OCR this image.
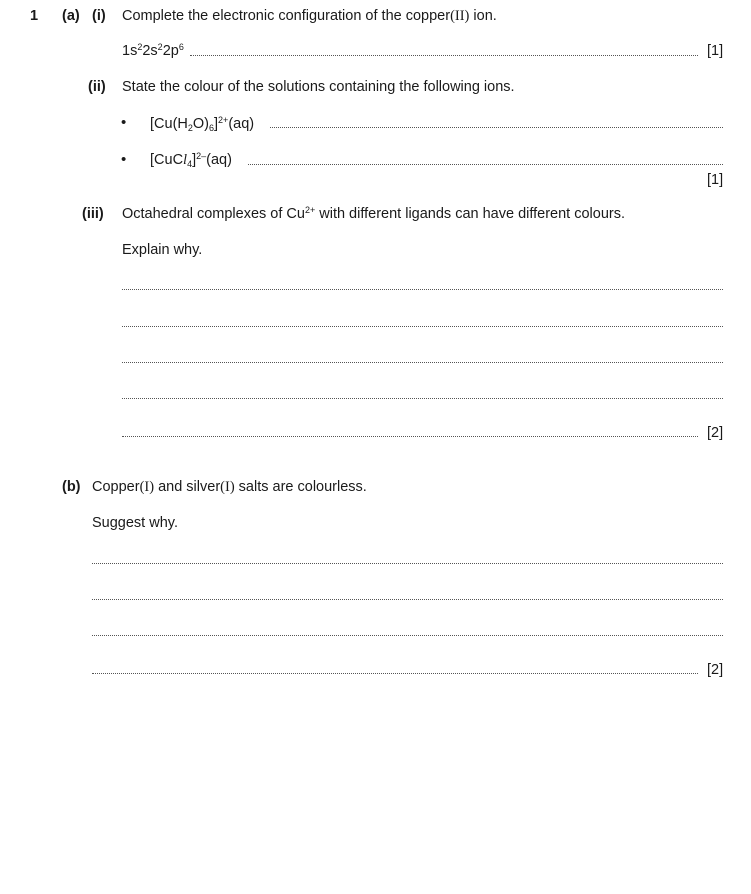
1 (a) (i) Complete the electronic configuration of the copper(II) ion.
$1s^22s^22p^6$	[1]
(ii) State the colour of the solutions containing the following ions.
• $[Cu(H_2O)_6]^{2+}(aq)$
• [CuCl$_4$]$^{2-}$(aq)
[1]
(iii) Octahedral complexes of $Cu^{2+}$ with different ligands can have different colours.
Explain why.
[2]
(b) Copper(I) and silver(I) salts are colourless.
Suggest why.
[2]
